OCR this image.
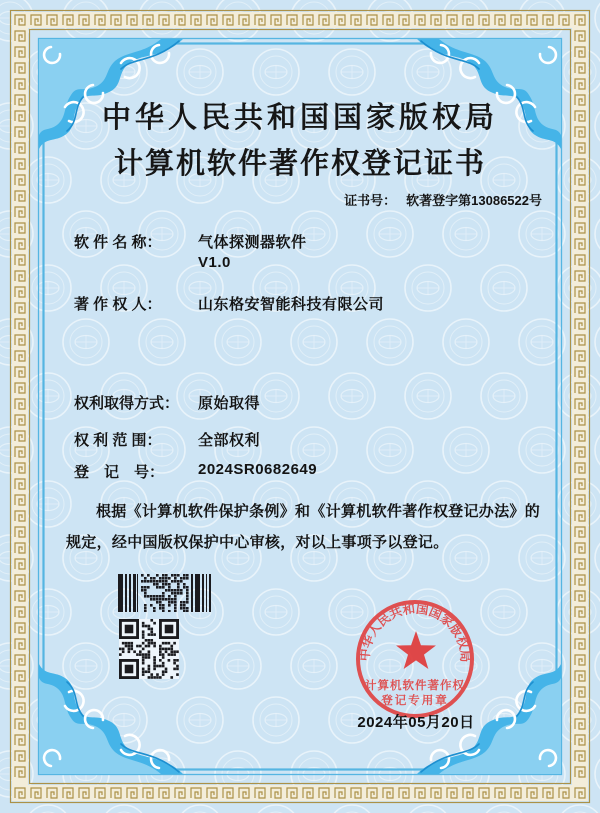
中华人民共和国国家版权局
计算机软件著作权登记证书
证书号： 软著登字第13086522号
软 件 名 称：	气体探测器软件
V1.0
著 作 权 人：	山东格安智能科技有限公司
权利取得方式：	原始取得
权 利 范 围：	全部权利
登　记　号：	2024SR0682649
根据《计算机软件保护条例》和《计算机软件著作权登记办法》的规定，经中国版权保护中心审核，对以上事项予以登记。
中华人民共和国国家版权局
计算机软件著作权
登记专用章
2024年05月20日
